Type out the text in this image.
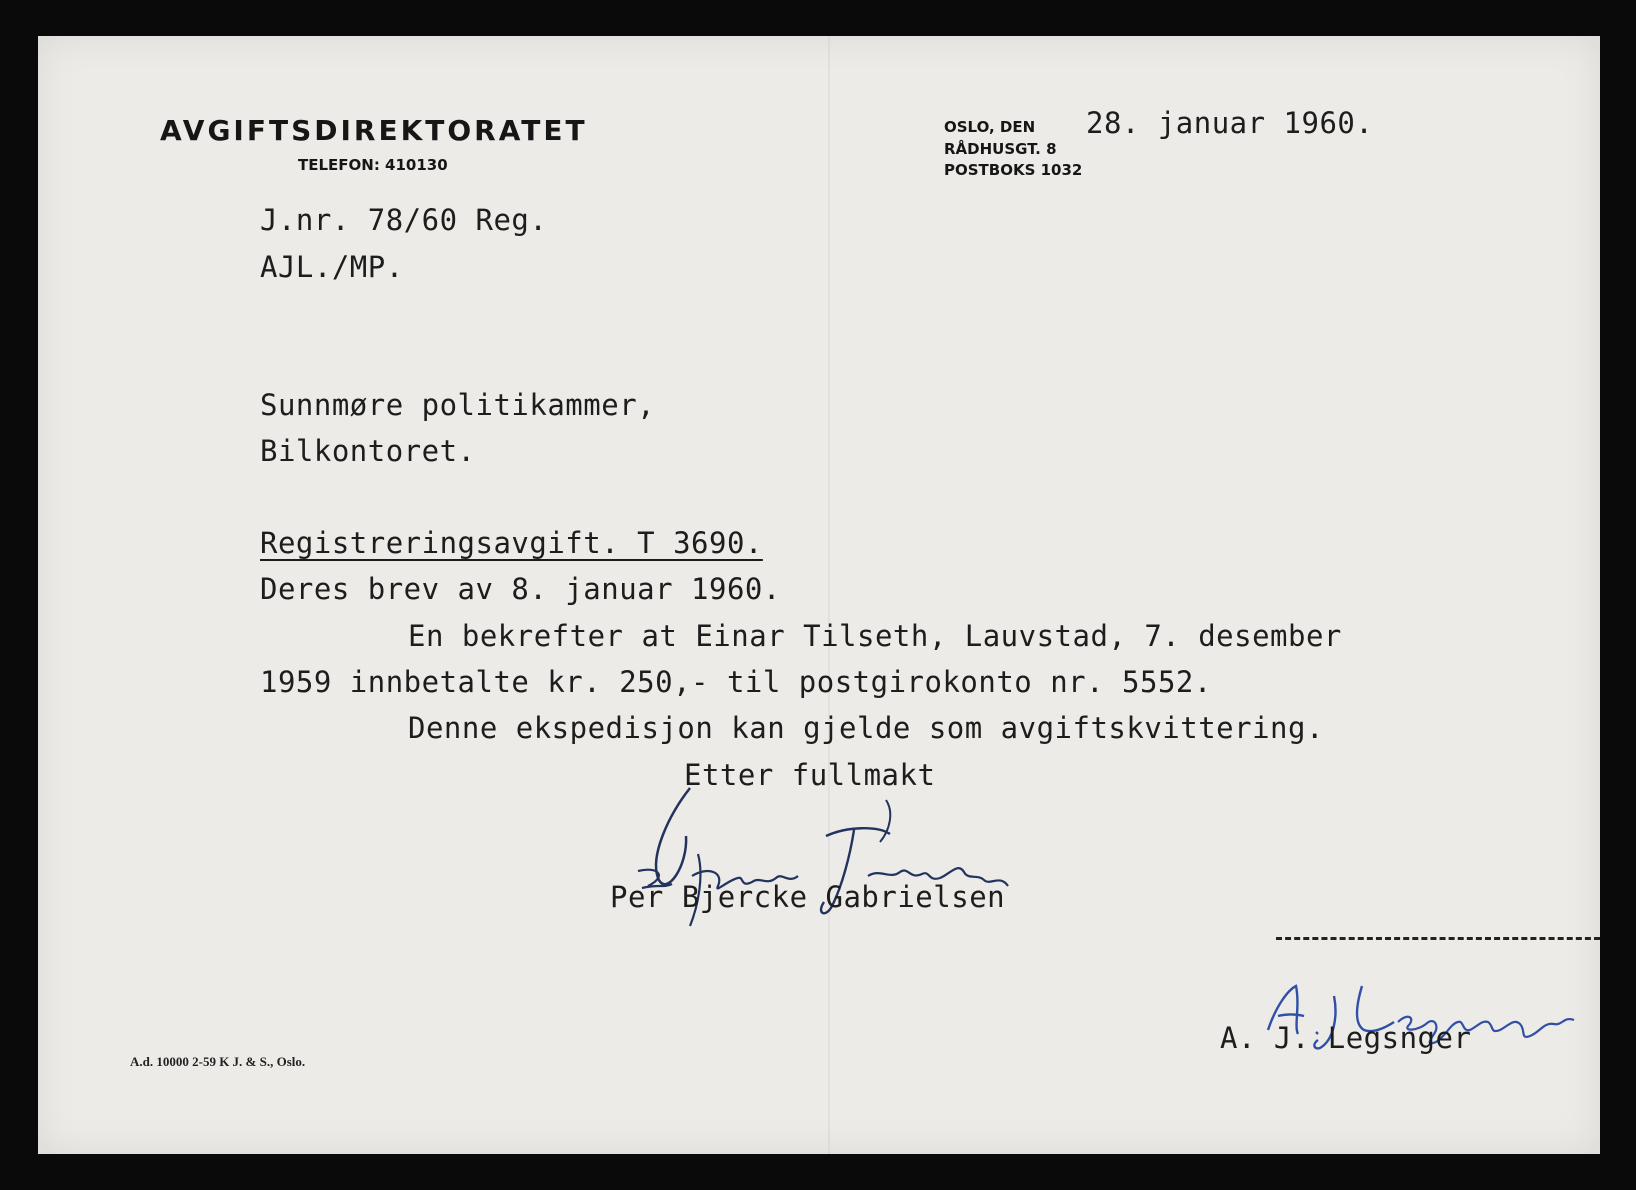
AVGIFTSDIREKTORATET
TELEFON: 410130
OSLO, DEN 28. januar 1960.
RÅDHUSGT. 8
POSTBOKS 1032
J.nr. 78/60 Reg.
AJL./MP.
Sunnmøre politikammer,
Bilkontoret.
Registreringsavgift. T 3690.
Deres brev av 8. januar 1960.
En bekrefter at Einar Tilseth, Lauvstad, 7. desember
1959 innbetalte kr. 250,- til postgirokonto nr. 5552.
Denne ekspedisjon kan gjelde som avgiftskvittering.
Etter fullmakt
Per Bjercke Gabrielsen
A. J. Legsnger
A.d. 10000 2-59 K J. & S., Oslo.
